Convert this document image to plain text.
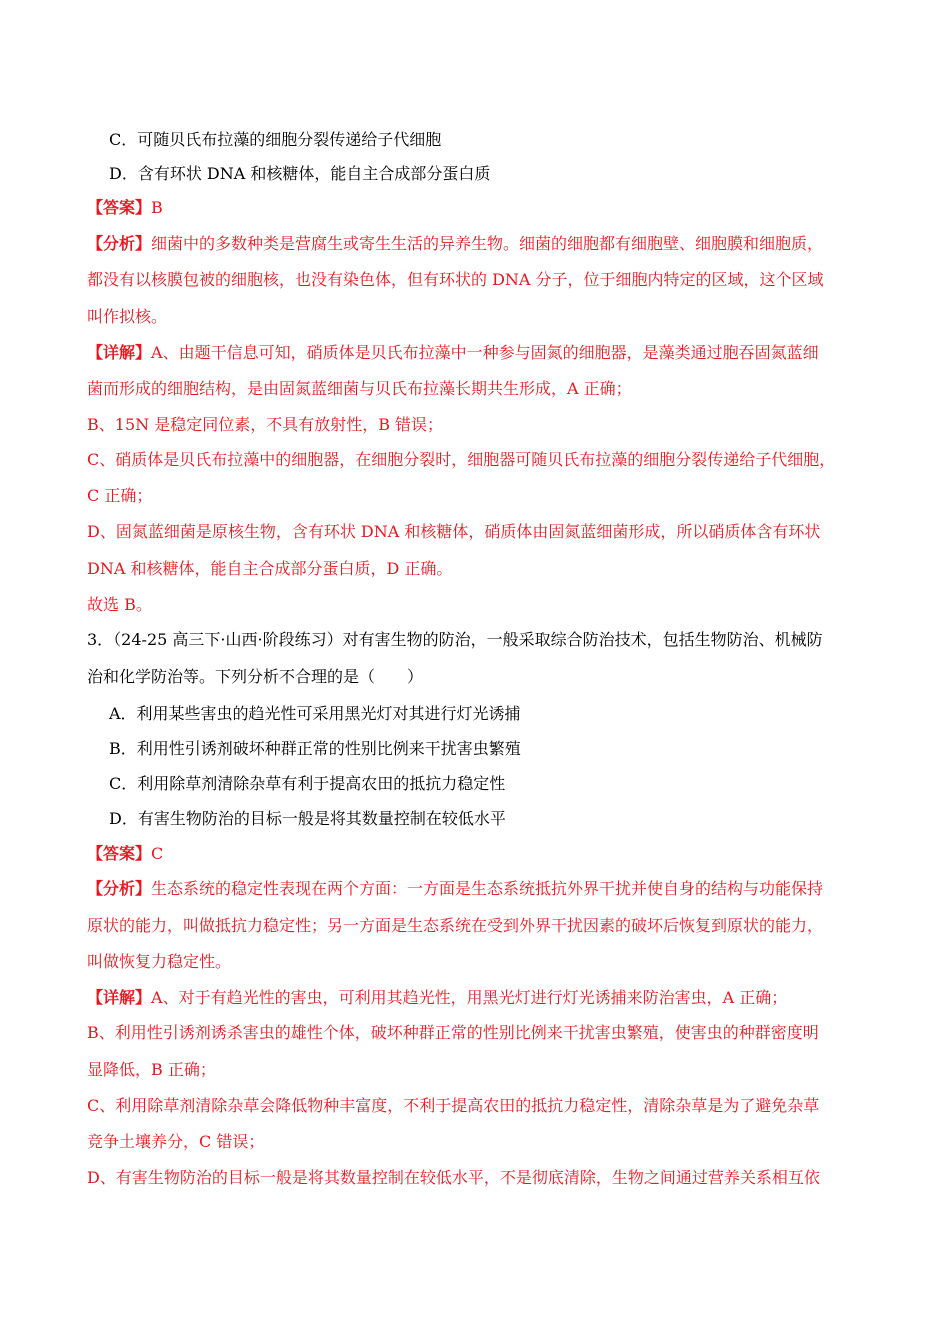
C．可随贝氏布拉藻的细胞分裂传递给子代细胞
D．含有环状 DNA 和核糖体，能自主合成部分蛋白质
【答案】B
【分析】细菌中的多数种类是营腐生或寄生生活的异养生物。细菌的细胞都有细胞壁、细胞膜和细胞质，
都没有以核膜包被的细胞核，也没有染色体，但有环状的 DNA 分子，位于细胞内特定的区域，这个区域
叫作拟核。
【详解】A、由题干信息可知，硝质体是贝氏布拉藻中一种参与固氮的细胞器，是藻类通过胞吞固氮蓝细
菌而形成的细胞结构，是由固氮蓝细菌与贝氏布拉藻长期共生形成，A 正确；
B、15N 是稳定同位素，不具有放射性，B 错误；
C、硝质体是贝氏布拉藻中的细胞器，在细胞分裂时，细胞器可随贝氏布拉藻的细胞分裂传递给子代细胞，
C 正确；
D、固氮蓝细菌是原核生物，含有环状 DNA 和核糖体，硝质体由固氮蓝细菌形成，所以硝质体含有环状
DNA 和核糖体，能自主合成部分蛋白质，D 正确。
故选 B。
3．（24-25 高三下·山西·阶段练习）对有害生物的防治，一般采取综合防治技术，包括生物防治、机械防
治和化学防治等。下列分析不合理的是（　　）
A．利用某些害虫的趋光性可采用黑光灯对其进行灯光诱捕
B．利用性引诱剂破坏种群正常的性别比例来干扰害虫繁殖
C．利用除草剂清除杂草有利于提高农田的抵抗力稳定性
D．有害生物防治的目标一般是将其数量控制在较低水平
【答案】C
【分析】生态系统的稳定性表现在两个方面：一方面是生态系统抵抗外界干扰并使自身的结构与功能保持
原状的能力，叫做抵抗力稳定性；另一方面是生态系统在受到外界干扰因素的破坏后恢复到原状的能力，
叫做恢复力稳定性。
【详解】A、对于有趋光性的害虫，可利用其趋光性，用黑光灯进行灯光诱捕来防治害虫，A 正确；
B、利用性引诱剂诱杀害虫的雄性个体，破坏种群正常的性别比例来干扰害虫繁殖，使害虫的种群密度明
显降低，B 正确；
C、利用除草剂清除杂草会降低物种丰富度，不利于提高农田的抵抗力稳定性，清除杂草是为了避免杂草
竞争土壤养分，C 错误；
D、有害生物防治的目标一般是将其数量控制在较低水平，不是彻底清除，生物之间通过营养关系相互依
